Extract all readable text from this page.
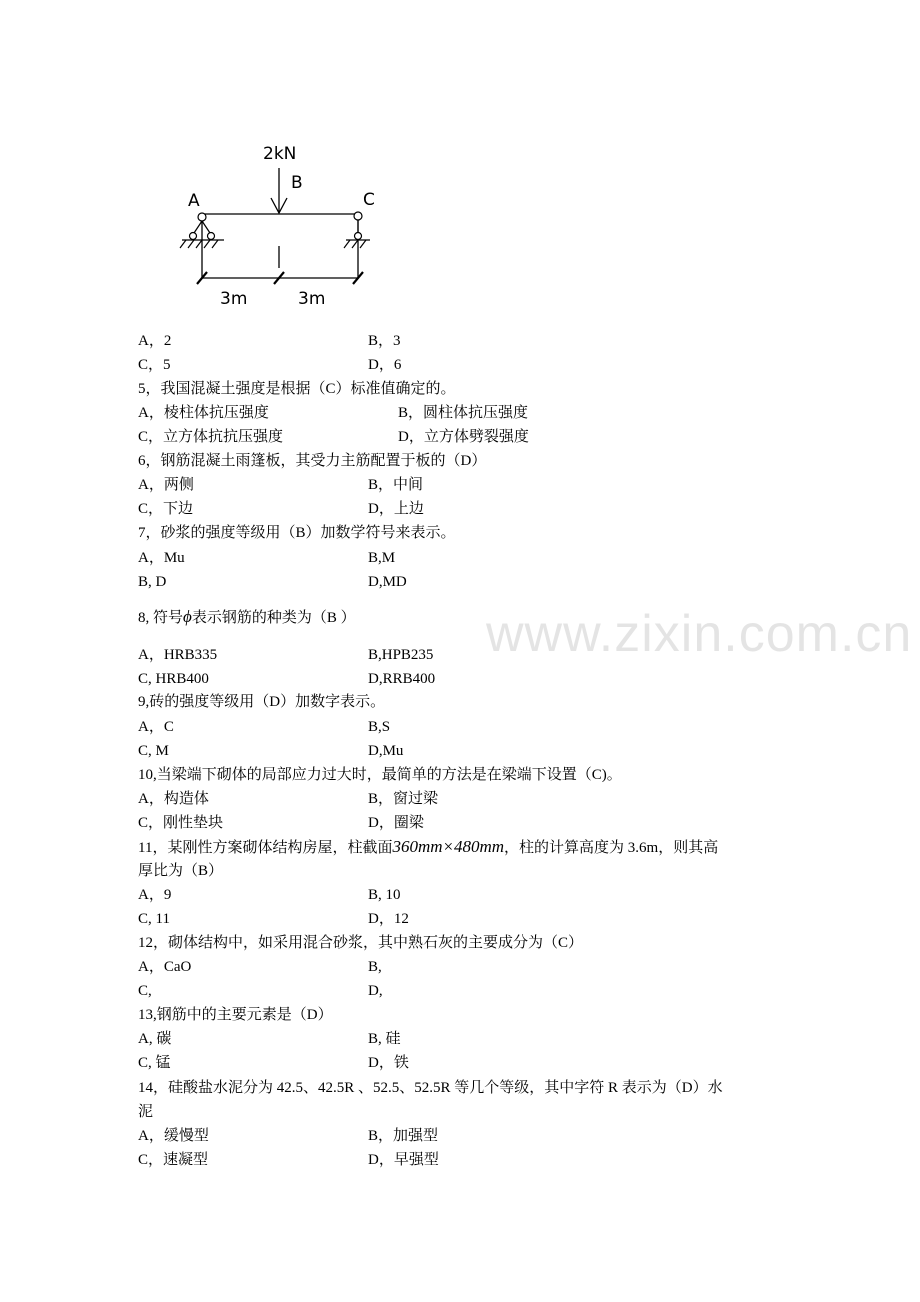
2kN
B
A	C
3m	3m
www.zixin.com.cn
A，2	B，3
C，5	D，6
5，我国混凝土强度是根据（C）标准值确定的。
A，棱柱体抗压强度	B，圆柱体抗压强度
C，立方体抗抗压强度	D，立方体劈裂强度
6，钢筋混凝土雨篷板，其受力主筋配置于板的（D）
A，两侧	B，中间
C，下边	D，上边
7，砂浆的强度等级用（B）加数学符号来表示。
A，Mu	B,M
B, D	D,MD
8, 符号ϕ表示钢筋的种类为（B ）
A，HRB335	B,HPB235
C, HRB400	D,RRB400
9,砖的强度等级用（D）加数字表示。
A，C	B,S
C, M	D,Mu
10,当梁端下砌体的局部应力过大时，最简单的方法是在梁端下设置（C)。
A，构造体	B，窗过梁
C，刚性垫块	D，圈梁
11，某刚性方案砌体结构房屋，柱截面360mm×480mm，柱的计算高度为 3.6m，则其高
厚比为（B）
A，9	B, 10
C, 11	D，12
12，砌体结构中，如采用混合砂浆，其中熟石灰的主要成分为（C）
A，CaO	B,
C,	D,
13,钢筋中的主要元素是（D）
A, 碳	B, 硅
C, 锰	D，铁
14，硅酸盐水泥分为 42.5、42.5R 、52.5、52.5R 等几个等级，其中字符 R 表示为（D）水
泥
A，缓慢型	B，加强型
C，速凝型	D，早强型
